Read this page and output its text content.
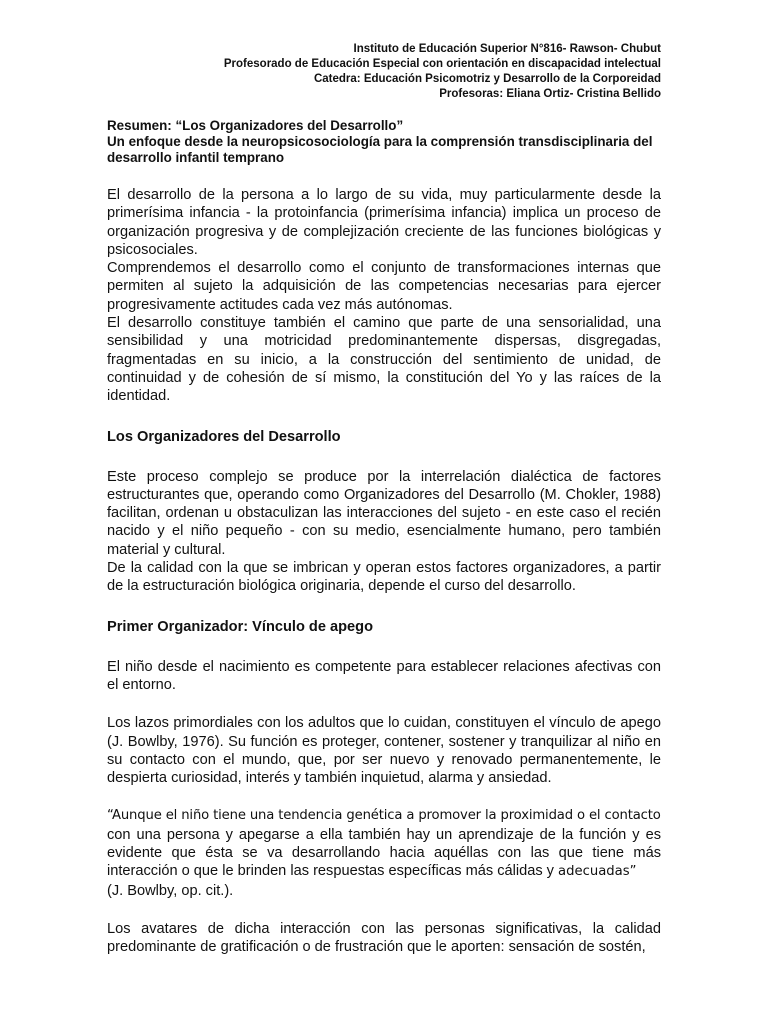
Instituto de Educación Superior N°816- Rawson- Chubut
Profesorado de Educación Especial con orientación en discapacidad intelectual
Catedra: Educación Psicomotriz y Desarrollo de la Corporeidad
Profesoras: Eliana Ortiz- Cristina Bellido
Resumen: “Los Organizadores del Desarrollo”
Un enfoque desde la neuropsicosociología para la comprensión transdisciplinaria del desarrollo infantil temprano

El desarrollo de la persona a lo largo de su vida, muy particularmente desde la primerísima infancia - la protoinfancia (primerísima infancia) implica un proceso de organización progresiva y de complejización creciente de las funciones biológicas y psicosociales.

Comprendemos el desarrollo como el conjunto de transformaciones internas que permiten al sujeto la adquisición de las competencias necesarias para ejercer progresivamente actitudes cada vez más autónomas.

El desarrollo constituye también el camino que parte de una sensorialidad, una sensibilidad y una motricidad predominantemente dispersas, disgregadas, fragmentadas en su inicio, a la construcción del sentimiento de unidad, de continuidad y de cohesión de sí mismo, la constitución del Yo y las raíces de la identidad.

Los Organizadores del Desarrollo

Este proceso complejo se produce por la interrelación dialéctica de factores estructurantes que, operando como Organizadores del Desarrollo (M. Chokler, 1988) facilitan, ordenan u obstaculizan las interacciones del sujeto - en este caso el recién nacido y el niño pequeño - con su medio, esencialmente humano, pero también material y cultural.

De la calidad con la que se imbrican y operan estos factores organizadores, a partir de la estructuración biológica originaria, depende el curso del desarrollo.

Primer Organizador: Vínculo de apego

El niño desde el nacimiento es competente para establecer relaciones afectivas con el entorno.

Los lazos primordiales con los adultos que lo cuidan, constituyen el vínculo de apego (J. Bowlby, 1976). Su función es proteger, contener, sostener y tranquilizar al niño en su contacto con el mundo, que, por ser nuevo y renovado permanentemente, le despierta curiosidad, interés y también inquietud, alarma y ansiedad.

“Aunque el niño tiene una tendencia genética a promover la proximidad o el contacto
con una persona y apegarse a ella también hay un aprendizaje de la función y es evidente que ésta se va desarrollando hacia aquéllas con las que tiene más interacción o que le brinden las respuestas específicas más cálidas y adecuadas”
(J. Bowlby, op. cit.).

Los avatares de dicha interacción con las personas significativas, la calidad predominante de gratificación o de frustración que le aporten: sensación de sostén,
